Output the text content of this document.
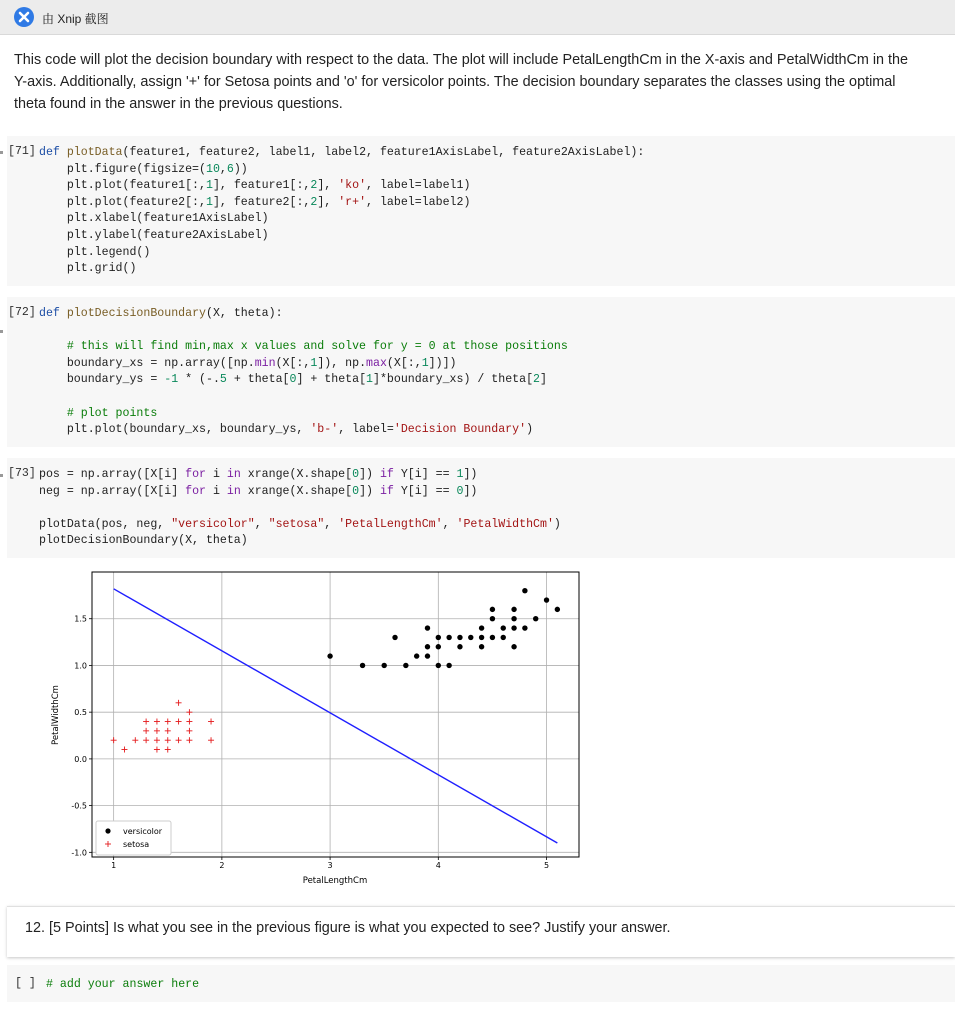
由 Xnip 截图
This code will plot the decision boundary with respect to the data. The plot will include PetalLengthCm in the X-axis and PetalWidthCm in the Y-axis. Additionally, assign '+' for Setosa points and 'o' for versicolor points. The decision boundary separates the classes using the optimal theta found in the answer in the previous questions.
[71] def plotData(feature1, feature2, label1, label2, feature1AxisLabel, feature2AxisLabel):
plt.figure(figsize=(10,6))
plt.plot(feature1[:,1], feature1[:,2], 'ko', label=label1)
plt.plot(feature2[:,1], feature2[:,2], 'r+', label=label2)
plt.xlabel(feature1AxisLabel)
plt.ylabel(feature2AxisLabel)
plt.legend()
plt.grid()
[72] def plotDecisionBoundary(X, theta):

# this will find min,max x values and solve for y = 0 at those positions
boundary_xs = np.array([np.min(X[:,1]), np.max(X[:,1])])
boundary_ys = -1 * (-.5 + theta[0] + theta[1]*boundary_xs) / theta[2]

# plot points
plt.plot(boundary_xs, boundary_ys, 'b-', label='Decision Boundary')
[73] pos = np.array([X[i] for i in xrange(X.shape[0]) if Y[i] == 1])
neg = np.array([X[i] for i in xrange(X.shape[0]) if Y[i] == 0])

plotData(pos, neg, "versicolor", "setosa", 'PetalLengthCm', 'PetalWidthCm')
plotDecisionBoundary(X, theta)
1	2	3	4	5
1.5
1.0
0.5
0.0
-0.5
-1.0
PetalLengthCm
PetalWidthCm
versicolor
setosa
12. [5 Points] Is what you see in the previous figure is what you expected to see? Justify your answer.
[ ] # add your answer here
